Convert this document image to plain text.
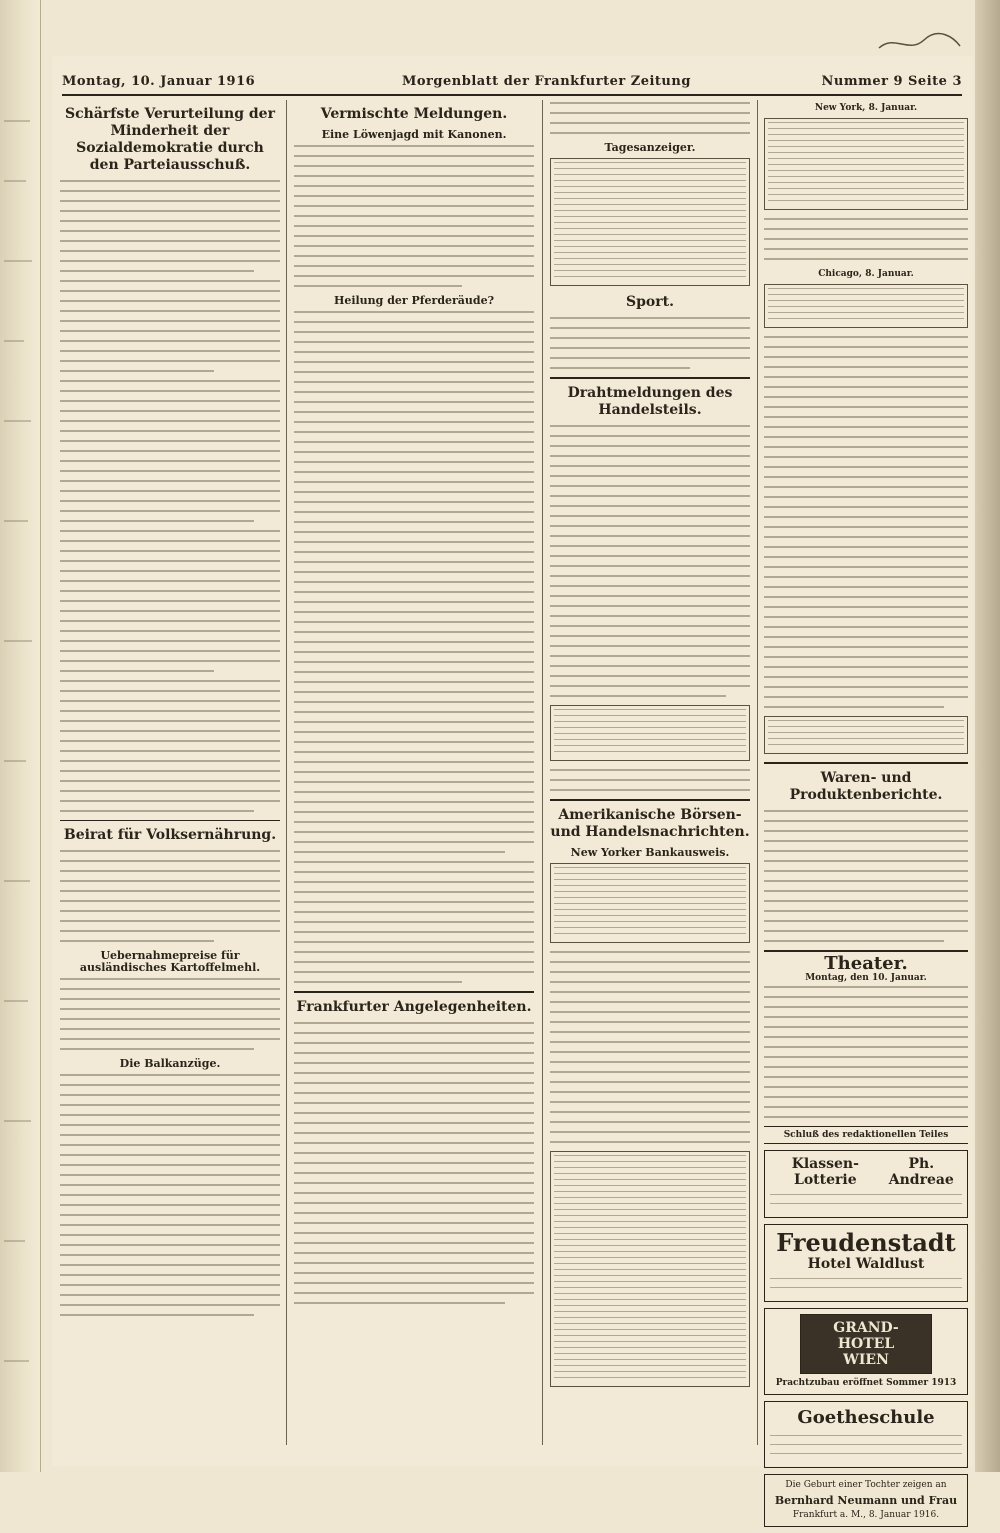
Montag, 10. Januar 1916	Morgenblatt der Frankfurter Zeitung	Nummer 9 Seite 3
Schärfste Verurteilung der Minderheit der Sozialdemokratie durch den Parteiausschuß.
Beirat für Volksernährung.
Uebernahmepreise für ausländisches Kartoffelmehl.
Die Balkanzüge.
Vermischte Meldungen.
Eine Löwenjagd mit Kanonen.
Heilung der Pferderäude?
Frankfurter Angelegenheiten.
Tagesanzeiger.
Sport.
Drahtmeldungen des Handelsteils.
Amerikanische Börsen- und Handelsnachrichten.
New Yorker Bankausweis.
New York, 8. Januar.
Chicago, 8. Januar.
Waren- und Produktenberichte.
Theater.
Montag, den 10. Januar.
Schluß des redaktionellen Teiles
Klassen-Lotterie
Ph. Andreae
Freudenstadt
Hotel Waldlust
GRAND-HOTEL
WIEN
Prachtzubau eröffnet Sommer 1913
Goetheschule
Die Geburt einer Tochter zeigen an
Bernhard Neumann und Frau
Frankfurt a. M., 8. Januar 1916.
